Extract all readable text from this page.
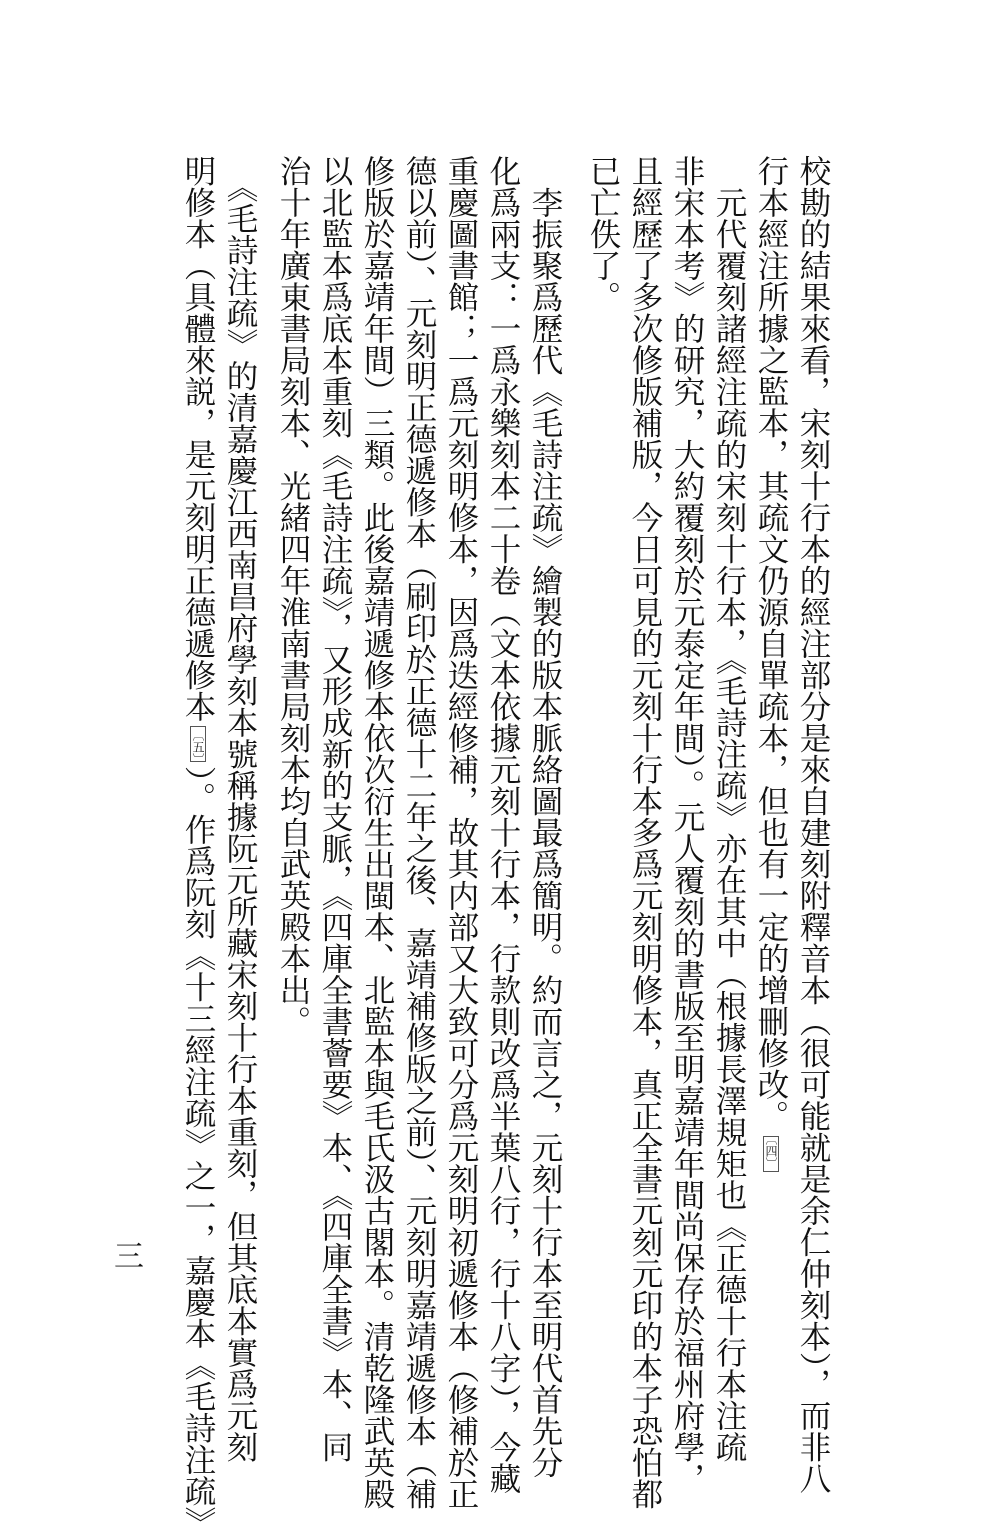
校勘的結果來看，宋刻十行本的經注部分是來自建刻附釋音本（很可能就是余仁仲刻本），而非八
行本經注所據之監本，其疏文仍源自單疏本，但也有一定的增刪修改。〔四〕
　元代覆刻諸經注疏的宋刻十行本，《毛詩注疏》亦在其中（根據長澤規矩也《正德十行本注疏
非宋本考》的研究，大約覆刻於元泰定年間）。元人覆刻的書版至明嘉靖年間尚保存於福州府學，
且經歷了多次修版補版，今日可見的元刻十行本多爲元刻明修本，真正全書元刻元印的本子恐怕都
已亡佚了。
　李振聚爲歷代《毛詩注疏》繪製的版本脈絡圖最爲簡明。約而言之，元刻十行本至明代首先分
化爲兩支：一爲永樂刻本二十卷（文本依據元刻十行本，行款則改爲半葉八行，行十八字），今藏
重慶圖書館；一爲元刻明修本，因爲迭經修補，故其内部又大致可分爲元刻明初遞修本（修補於正
德以前）、元刻明正德遞修本（刷印於正德十二年之後、嘉靖補修版之前）、元刻明嘉靖遞修本（補
修版於嘉靖年間）三類。此後嘉靖遞修本依次衍生出閩本、北監本與毛氏汲古閣本。清乾隆武英殿
以北監本爲底本重刻《毛詩注疏》，又形成新的支脈，《四庫全書薈要》本、《四庫全書》本、同
治十年廣東書局刻本、光緒四年淮南書局刻本均自武英殿本出。
　《毛詩注疏》的清嘉慶江西南昌府學刻本號稱據阮元所藏宋刻十行本重刻，但其底本實爲元刻
明修本（具體來説，是元刻明正德遞修本〔五〕）。作爲阮刻《十三經注疏》之一，嘉慶本《毛詩注疏》
三
